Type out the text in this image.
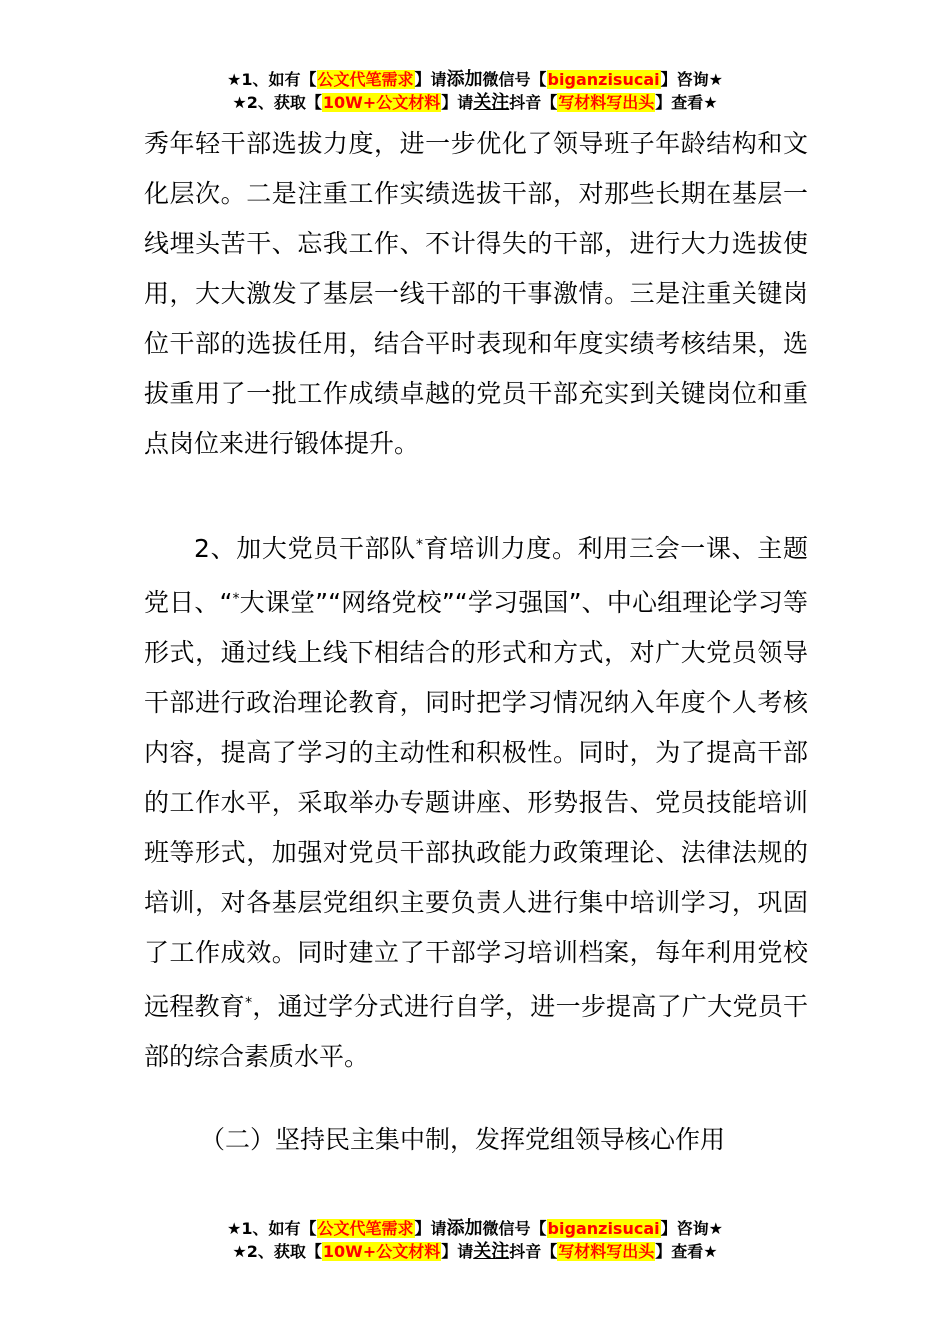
★1、如有【公文代笔需求】请添加微信号【biganzisucai】咨询★
★2、获取【10W+公文材料】请关注抖音【写材料写出头】查看★

秀年轻干部选拔力度，进一步优化了领导班子年龄结构和文化层次。二是注重工作实绩选拔干部，对那些长期在基层一线埋头苦干、忘我工作、不计得失的干部，进行大力选拔使用，大大激发了基层一线干部的干事激情。三是注重关键岗位干部的选拔任用，结合平时表现和年度实绩考核结果，选拔重用了一批工作成绩卓越的党员干部充实到关键岗位和重点岗位来进行锻体提升。

2、加大党员干部队*育培训力度。利用三会一课、主题党日、“*大课堂”“网络党校”“学习强国”、中心组理论学习等形式，通过线上线下相结合的形式和方式，对广大党员领导干部进行政治理论教育，同时把学习情况纳入年度个人考核内容，提高了学习的主动性和积极性。同时，为了提高干部的工作水平，采取举办专题讲座、形势报告、党员技能培训班等形式，加强对党员干部执政能力政策理论、法律法规的培训，对各基层党组织主要负责人进行集中培训学习，巩固了工作成效。同时建立了干部学习培训档案，每年利用党校远程教育*，通过学分式进行自学，进一步提高了广大党员干部的综合素质水平。

（二）坚持民主集中制，发挥党组领导核心作用

★1、如有【公文代笔需求】请添加微信号【biganzisucai】咨询★
★2、获取【10W+公文材料】请关注抖音【写材料写出头】查看★
